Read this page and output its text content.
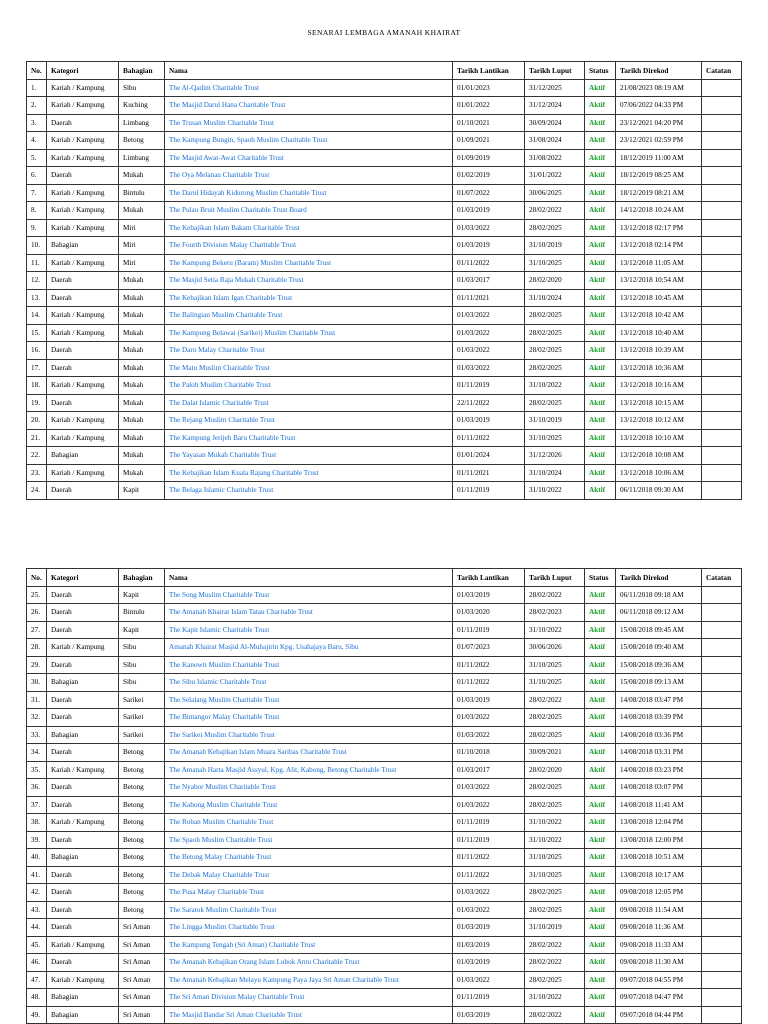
SENARAI LEMBAGA AMANAH KHAIRAT
No.	Kategori	Bahagian	Nama	Tarikh Lantikan	Tarikh Luput	Status	Tarikh Direkod	Catatan
1.	Kariah / Kampung	Sibu	The Al-Qadim Charitable Trust	01/01/2023	31/12/2025	Aktif	21/08/2023 08:19 AM	
2.	Kariah / Kampung	Kuching	The Masjid Darul Hana Charitable Trust	01/01/2022	31/12/2024	Aktif	07/06/2022 04:33 PM	
3.	Daerah	Limbang	The Trusan Muslim Charitable Trust	01/10/2021	30/09/2024	Aktif	23/12/2021 04:20 PM	
4.	Kariah / Kampung	Betong	The Kampung Bungin, Spaoh Muslim Charitable Trust	01/09/2021	31/08/2024	Aktif	23/12/2021 02:59 PM	
5.	Kariah / Kampung	Limbang	The Masjid Awat-Awat Charitable Trust	01/09/2019	31/08/2022	Aktif	18/12/2019 11:00 AM	
6.	Daerah	Mukah	The Oya Melanau Charitable Trust	01/02/2019	31/01/2022	Aktif	18/12/2019 08:25 AM	
7.	Kariah / Kampung	Bintulu	The Darul Hidayah Kidurong Muslim Charitable Trust	01/07/2022	30/06/2025	Aktif	18/12/2019 08:21 AM	
8.	Kariah / Kampung	Mukah	The Pulau Bruit Muslim Charitable Trust Board	01/03/2019	28/02/2022	Aktif	14/12/2018 10:24 AM	
9.	Kariah / Kampung	Miri	The Kebajikan Islam Bakam Charitable Trust	01/03/2022	28/02/2025	Aktif	13/12/2018 02:17 PM	
10.	Bahagian	Miri	The Fourth Division Malay Charitable Trust	01/03/2019	31/10/2019	Aktif	13/12/2018 02:14 PM	
11.	Kariah / Kampung	Miri	The Kampung Bekeru (Baram) Muslim Charitable Trust	01/11/2022	31/10/2025	Aktif	13/12/2018 11:05 AM	
12.	Daerah	Mukah	The Masjid Setia Raja Mukah Charitable Trust	01/03/2017	28/02/2020	Aktif	13/12/2018 10:54 AM	
13.	Daerah	Mukah	The Kebajikan Islam Igan Charitable Trust	01/11/2021	31/10/2024	Aktif	13/12/2018 10:45 AM	
14.	Kariah / Kampung	Mukah	The Balingian Muslim Charitable Trust	01/03/2022	28/02/2025	Aktif	13/12/2018 10:42 AM	
15.	Kariah / Kampung	Mukah	The Kampung Belawai (Sarikei) Muslim Charitable Trust	01/03/2022	28/02/2025	Aktif	13/12/2018 10:40 AM	
16.	Daerah	Mukah	The Daro Malay Charitable Trust	01/03/2022	28/02/2025	Aktif	13/12/2018 10:39 AM	
17.	Daerah	Mukah	The Matu Muslim Charitable Trust	01/03/2022	28/02/2025	Aktif	13/12/2018 10:36 AM	
18.	Kariah / Kampung	Mukah	The Paloh Muslim Charitable Trust	01/11/2019	31/10/2022	Aktif	13/12/2018 10:16 AM	
19.	Daerah	Mukah	The Dalat Islamic Charitable Trust	22/11/2022	28/02/2025	Aktif	13/12/2018 10:15 AM	
20.	Kariah / Kampung	Mukah	The Rejang Muslim Charitable Trust	01/03/2019	31/10/2019	Aktif	13/12/2018 10:12 AM	
21.	Kariah / Kampung	Mukah	The Kampung Jerijeh Baru Charitable Trust	01/11/2022	31/10/2025	Aktif	13/12/2018 10:10 AM	
22.	Bahagian	Mukah	The Yayasan Mukah Charitable Trust	01/01/2024	31/12/2026	Aktif	13/12/2018 10:08 AM	
23.	Kariah / Kampung	Mukah	The Kebajikan Islam Kuala Rajang Charitable Trust	01/11/2021	31/10/2024	Aktif	13/12/2018 10:06 AM	
24.	Daerah	Kapit	The Belaga Islamic Charitable Trust	01/11/2019	31/10/2022	Aktif	06/11/2018 09:30 AM	
No.	Kategori	Bahagian	Nama	Tarikh Lantikan	Tarikh Luput	Status	Tarikh Direkod	Catatan
25.	Daerah	Kapit	The Song Muslim Charitable Trust	01/03/2019	28/02/2022	Aktif	06/11/2018 09:18 AM	
26.	Daerah	Bintulu	The Amanah Khairat Islam Tatau Charitable Trust	01/03/2020	28/02/2023	Aktif	06/11/2018 09:12 AM	
27.	Daerah	Kapit	The Kapit Islamic Charitable Trust	01/11/2019	31/10/2022	Aktif	15/08/2018 09:45 AM	
28.	Kariah / Kampung	Sibu	Amanah Khairat Masjid Al-Muhajirin Kpg. Usahajaya Baru, Sibu	01/07/2023	30/06/2026	Aktif	15/08/2018 09:40 AM	
29.	Daerah	Sibu	The Kanowit Muslim Charitable Trust	01/11/2022	31/10/2025	Aktif	15/08/2018 09:36 AM	
30.	Bahagian	Sibu	The Sibu Islamic Charitable Trust	01/11/2022	31/10/2025	Aktif	15/08/2018 09:13 AM	
31.	Daerah	Sarikei	The Selalang Muslim Charitable Trust	01/03/2019	28/02/2022	Aktif	14/08/2018 03:47 PM	
32.	Daerah	Sarikei	The Bintangor Malay Charitable Trust	01/03/2022	28/02/2025	Aktif	14/08/2018 03:39 PM	
33.	Bahagian	Sarikei	The Sarikei Muslim Charitable Trust	01/03/2022	28/02/2025	Aktif	14/08/2018 03:36 PM	
34.	Daerah	Betong	The Amanah Kebajikan Islam Muara Saribas Charitable Trust	01/10/2018	30/09/2021	Aktif	14/08/2018 03:31 PM	
35.	Kariah / Kampung	Betong	The Amanah Harta Masjid Assyul, Kpg. Alit, Kabong, Betong Charitable Trust	01/03/2017	28/02/2020	Aktif	14/08/2018 03:23 PM	
36.	Daerah	Betong	The Nyabor Muslim Charitable Trust	01/03/2022	28/02/2025	Aktif	14/08/2018 03:07 PM	
37.	Daerah	Betong	The Kabong Muslim Charitable Trust	01/03/2022	28/02/2025	Aktif	14/08/2018 11:41 AM	
38.	Kariah / Kampung	Betong	The Roban Muslim Charitable Trust	01/11/2019	31/10/2022	Aktif	13/08/2018 12:04 PM	
39.	Daerah	Betong	The Spaoh Muslim Charitable Trust	01/11/2019	31/10/2022	Aktif	13/08/2018 12:00 PM	
40.	Bahagian	Betong	The Betong Malay Charitable Trust	01/11/2022	31/10/2025	Aktif	13/08/2018 10:51 AM	
41.	Daerah	Betong	The Debak Malay Charitable Trust	01/11/2022	31/10/2025	Aktif	13/08/2018 10:17 AM	
42.	Daerah	Betong	The Pusa Malay Charitable Trust	01/03/2022	28/02/2025	Aktif	09/08/2018 12:05 PM	
43.	Daerah	Betong	The Saratok Muslim Charitable Trust	01/03/2022	28/02/2025	Aktif	09/08/2018 11:54 AM	
44.	Daerah	Sri Aman	The Lingga Muslim Charitable Trust	01/03/2019	31/10/2019	Aktif	09/08/2018 11:36 AM	
45.	Kariah / Kampung	Sri Aman	The Kampung Tengah (Sri Aman) Charitable Trust	01/03/2019	28/02/2022	Aktif	09/08/2018 11:33 AM	
46.	Daerah	Sri Aman	The Amanah Kebajikan Orang Islam Lubok Antu Charitable Trust	01/03/2019	28/02/2022	Aktif	09/08/2018 11:30 AM	
47.	Kariah / Kampung	Sri Aman	The Amanah Kebajikan Melayu Kampung Paya Jaya Sri Aman Charitable Trust	01/03/2022	28/02/2025	Aktif	09/07/2018 04:55 PM	
48.	Bahagian	Sri Aman	The Sri Aman Division Malay Charitable Trust	01/11/2019	31/10/2022	Aktif	09/07/2018 04:47 PM	
49.	Bahagian	Sri Aman	The Masjid Bandar Sri Aman Charitable Trust	01/03/2019	28/02/2022	Aktif	09/07/2018 04:44 PM	
